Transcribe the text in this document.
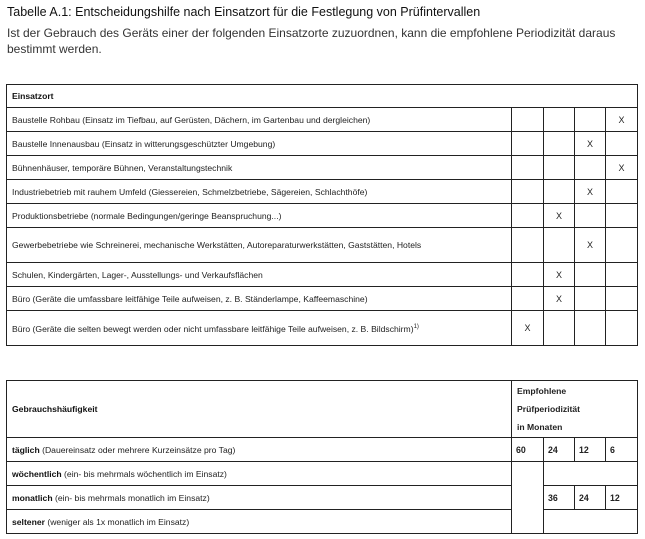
Tabelle A.1: Entscheidungshilfe nach Einsatzort für die Festlegung von Prüfintervallen
Ist der Gebrauch des Geräts einer der folgenden Einsatzorte zuzuordnen, kann die empfohlene Periodizität daraus bestimmt werden.
Einsatzort				
Baustelle Rohbau (Einsatz im Tiefbau, auf Gerüsten, Dächern, im Gartenbau und dergleichen)				X
Baustelle Innenausbau (Einsatz in witterungsgeschützter Umgebung)			X	
Bühnenhäuser, temporäre Bühnen, Veranstaltungstechnik				X
Industriebetrieb mit rauhem Umfeld (Giessereien, Schmelzbetriebe, Sägereien, Schlachthöfe)			X	
Produktionsbetriebe (normale Bedingungen/geringe Beanspruchung...)		X		
Gewerbebetriebe wie Schreinerei, mechanische Werkstätten, Autoreparaturwerkstätten, Gaststätten, Hotels			X	
Schulen, Kindergärten, Lager-, Ausstellungs- und Verkaufsflächen		X		
Büro (Geräte die umfassbare leitfähige Teile aufweisen, z. B. Ständerlampe, Kaffeemaschine)		X		
Büro (Geräte die selten bewegt werden oder nicht umfassbare leitfähige Teile aufweisen, z. B. Bildschirm)$^{1)}$	X			
Gebrauchshäufigkeit	Empfohlene
Prüfperiodizität
in Monaten			

täglich (Dauereinsatz oder mehrere Kurzeinsätze pro Tag)	60	24	12	6
wöchentlich (ein- bis mehrmals wöchentlich im Einsatz)				
monatlich (ein- bis mehrmals monatlich im Einsatz)		36	24	12
seltener (weniger als 1x monatlich im Einsatz)				
